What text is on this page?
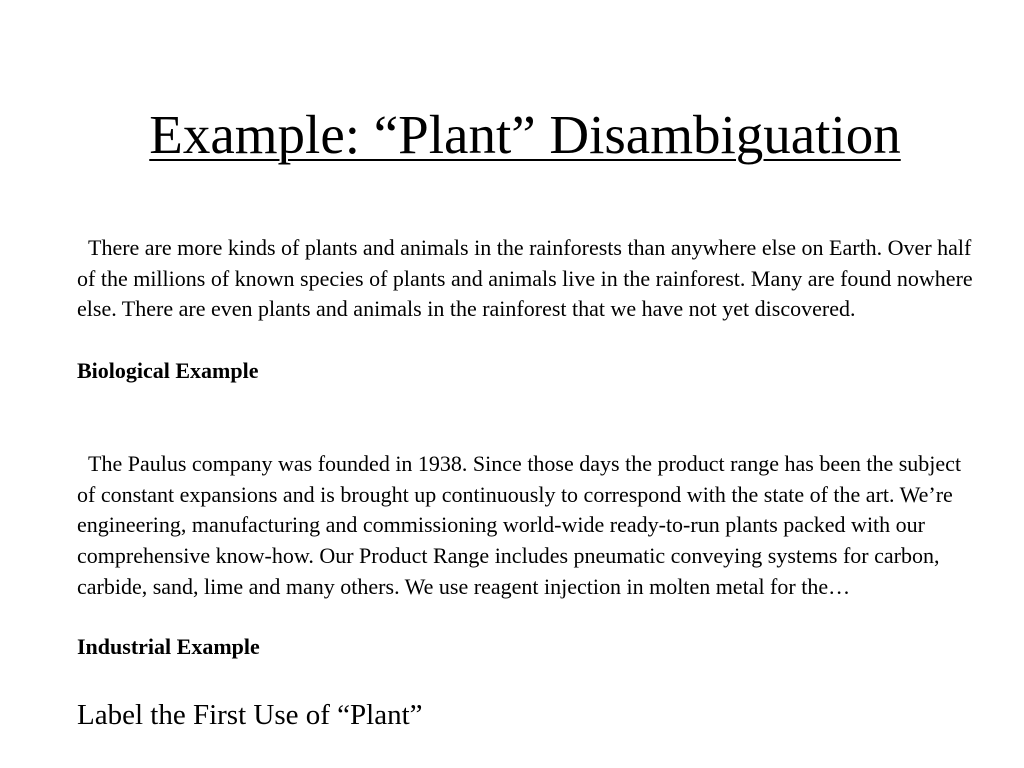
Example: “Plant” Disambiguation

There are more kinds of plants and animals in the rainforests than anywhere else on Earth. Over half of the millions of known species of plants and animals live in the rainforest. Many are found nowhere else. There are even plants and animals in the rainforest that we have not yet discovered.

Biological Example

The Paulus company was founded in 1938. Since those days the product range has been the subject of constant expansions and is brought up continuously to correspond with the state of the art. We’re engineering, manufacturing and commissioning world-wide ready-to-run plants packed with our comprehensive know-how. Our Product Range includes pneumatic conveying systems for carbon, carbide, sand, lime and many others. We use reagent injection in molten metal for the…

Industrial Example

Label the First Use of “Plant”
